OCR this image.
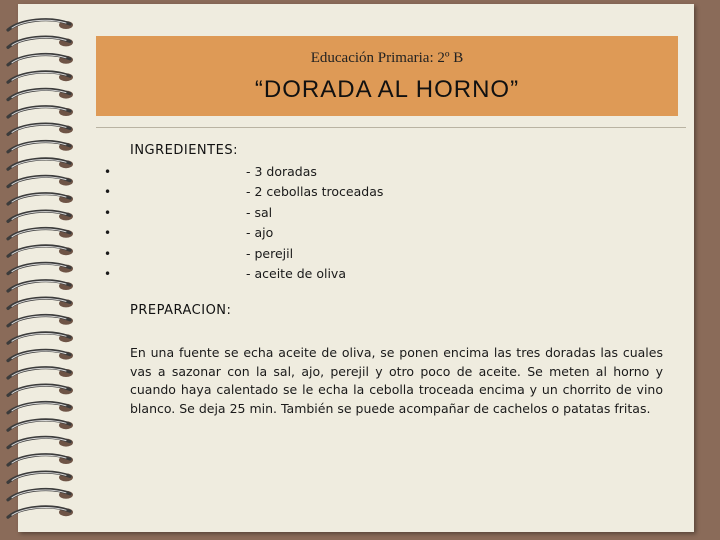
Educación Primaria: 2º B
“DORADA AL HORNO”
INGREDIENTES:
•	- 3 doradas
•	- 2 cebollas troceadas
•	- sal
•	- ajo
•	- perejil
•	- aceite de oliva
PREPARACION:

En una fuente se echa aceite de oliva, se ponen encima las tres doradas las cuales vas a sazonar con la sal, ajo, perejil y otro poco de aceite. Se meten al horno y cuando haya calentado se le echa la cebolla troceada encima y un chorrito de vino blanco. Se deja 25 min. También se puede acompañar de cachelos o patatas fritas.
